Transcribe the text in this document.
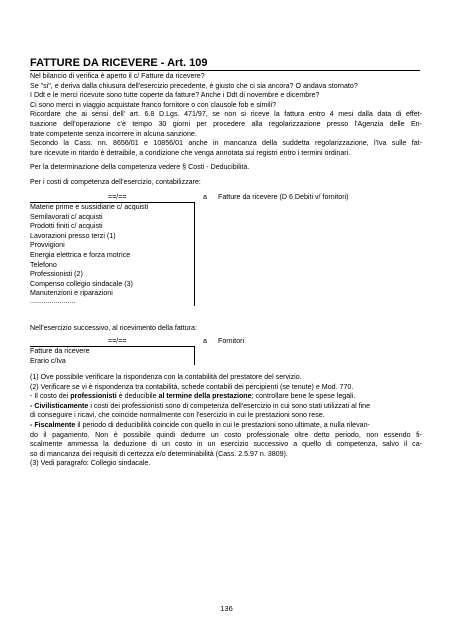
FATTURE DA RICEVERE - Art. 109
Nel bilancio di verifica è aperto il c/ Fatture da ricevere?
Se "si", e deriva dalla chiusura dell'esercizio precedente, è giusto che ci sia ancora? O andava stornato?
I Ddt e le merci ricevute sono tutte coperte da fatture? Anche i Ddt di novembre e dicembre?
Ci sono merci in viaggio acquistate franco fornitore o con clausole fob e simili?
Ricordare che ai sensi dell' art. 6.8 D.Lgs. 471/97, se non si riceve la fattura entro 4 mesi dalla data di effet-
tuazione dell'operazione c'è tempo 30 giorni per procedere alla regolarizzazione presso l'Agenzia delle En-
trate competente senza incorrere in alcuna sanzione.
Secondo la Cass. nn. 8656/01 e 10856/01 anche in mancanza della suddetta regolarizzazione, l'Iva sulle fat-
ture ricevute in ritardo è detraibile, a condizione che venga annotata sui registri entro i termini ordinari.
Per la determinazione della competenza vedere § Costi - Deducibilità.
Per i costi di competenza dell'esercizio, contabilizzare:
==/==	a Fatture da ricevere (D 6 Debiti v/ fornitori)
Materie prime e sussidiarie c/ acquisti
Semilavorati c/ acquisti
Prodotti finiti c/ acquisti
Lavorazioni presso terzi (1)
Provvigioni
Energia elettrica e forza motrice
Telefono
Professionisti (2)
Compenso collegio sindacale (3)
Manutenzioni e riparazioni
.......................
Nell'esercizio successivo, al ricevimento della fattura:
==/==	a Fornitori
Fatture da ricevere
Erario c/Iva
(1) Ove possibile verificare la rispondenza con la contabilità del prestatore del servizio.
(2) Verificare se vi è rispondenza tra contabilità, schede contabili dei percipienti (se tenute) e Mod. 770.
- Il costo dei professionisti è deducibile al termine della prestazione; controllare bene le spese legali.
- Civilisticamente i costi dei professionisti sono di competenza dell'esercizio in cui sono stati utilizzati al fine
di conseguire i ricavi, che coincide normalmente con l'esercizio in cui le prestazioni sono rese.
- Fiscalmente il periodo di deducibilità coincide con quello in cui le prestazioni sono ultimate, a nulla rilevan-
do il pagamento. Non è possibile quindi dedurre un costo professionale oltre detto periodo, non essendo fi-
scalmente ammessa la deduzione di un costo in un esercizio successivo a quello di competenza, salvo il ca-
so di mancanza dei requisiti di certezza e/o determinabilità (Cass. 2.5.97 n. 3809).
(3) Vedi paragrafo: Collegio sindacale.
136
